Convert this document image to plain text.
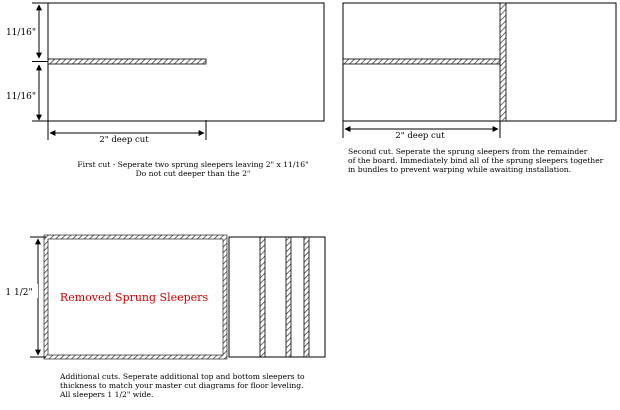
11/16"
11/16"
2" deep cut	2" deep cut
Removed Sprung Sleepers
1 1/2"
First cut - Seperate two sprung sleepers leaving 2" x 11/16"
Do not cut deeper than the 2"
Second cut. Seperate the sprung sleepers from the remainder
of the board. Immediately bind all of the sprung sleepers together
in bundles to prevent warping while awaiting installation.
Additional cuts. Seperate additional top and bottom sleepers to
thickness to match your master cut diagrams for floor leveling.
All sleepers 1 1/2" wide.
